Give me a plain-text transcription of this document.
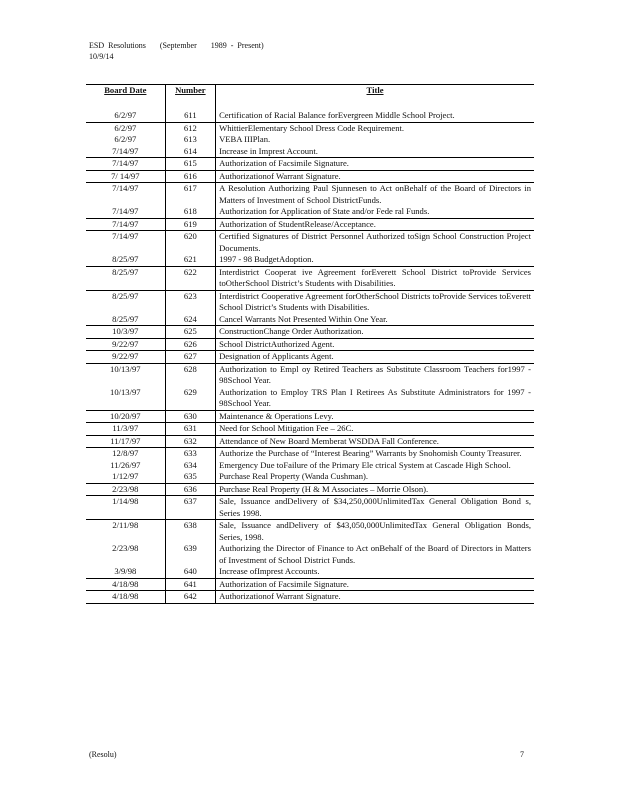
ESD  Resolutions       (September       1989  -  Present)
10/9/14
Board Date	Number	Title
6/2/97	611	Certification of Racial Balance forEvergreen Middle School Project.
6/2/97	612	WhittierElementary School Dress Code Requirement.
6/2/97	613	VEBA IIIPlan.
7/14/97	614	Increase in Imprest Account.
7/14/97	615	Authorization of Facsimile Signature.
7/ 14/97	616	Authorizationof Warrant Signature.
7/14/97	617	A Resolution Authorizing Paul Sjunnesen to Act onBehalf of the Board of Directors in Matters of Investment of School DistrictFunds.
7/14/97	618	Authorization for Application of State and/or Fede ral Funds.
7/14/97	619	Authorization of StudentRelease/Acceptance.
7/14/97	620	Certified Signatures of District Personnel Authorized toSign School Construction Project Documents.
8/25/97	621	1997 - 98 BudgetAdoption.
8/25/97	622	Interdistrict Cooperat ive Agreement forEverett School District toProvide Services toOtherSchool District’s Students with Disabilities.
8/25/97	623	Interdistrict Cooperative Agreement forOtherSchool Districts toProvide Services toEverett School District’s Students with Disabilities.
8/25/97	624	Cancel Warrants Not Presented Within One Year.
10/3/97	625	ConstructionChange Order Authorization.
9/22/97	626	School DistrictAuthorized Agent.
9/22/97	627	Designation of Applicants Agent.
10/13/97	628	Authorization to Empl oy Retired Teachers as Substitute Classroom Teachers for1997 - 98School Year.
10/13/97	629	Authorization to Employ TRS Plan I Retirees As Substitute Administrators for 1997 - 98School Year.
10/20/97	630	Maintenance & Operations Levy.
11/3/97	631	Need for School Mitigation Fee – 26C.
11/17/97	632	Attendance of New Board Memberat WSDDA Fall Conference.
12/8/97	633	Authorize the Purchase of “Interest Bearing” Warrants by Snohomish County Treasurer.
11/26/97	634	Emergency Due toFailure of the Primary Ele ctrical System at Cascade High School.
1/12/97	635	Purchase Real Property (Wanda Cushman).
2/23/98	636	Purchase Real Property (H & M Associates – Morrie Olson).
1/14/98	637	Sale, Issuance andDelivery of $34,250,000UnlimitedTax General Obligation Bond s, Series 1998.
2/11/98	638	Sale, Issuance andDelivery of $43,050,000UnlimitedTax General Obligation Bonds, Series, 1998.
2/23/98	639	Authorizing the Director of Finance to Act onBehalf of the Board of Directors in Matters of Investment of School District Funds.
3/9/98	640	Increase ofImprest Accounts.
4/18/98	641	Authorization of Facsimile Signature.
4/18/98	642	Authorizationof Warrant Signature.
(Resolu)	7
